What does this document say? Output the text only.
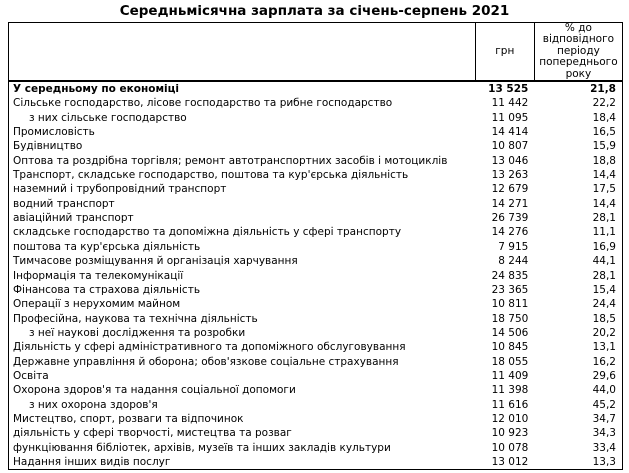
Середньмісячна зарплата за січень-серпень 2021
	грн	% до відповідного періоду попереднього року
У середньому по економіці	13 525	21,8
Сільське господарство, лісове господарство та рибне господарство	11 442	22,2
з них сільське господарство	11 095	18,4
Промисловість	14 414	16,5
Будівництво	10 807	15,9
Оптова та роздрібна торгівля; ремонт автотранспортних засобів і мотоциклів	13 046	18,8
Транспорт, складське господарство, поштова та кур'єрська діяльність	13 263	14,4
наземний і трубопровідний транспорт	12 679	17,5
водний транспорт	14 271	14,4
авіаційний транспорт	26 739	28,1
складське господарство та допоміжна діяльність у сфері транспорту	14 276	11,1
поштова та кур'єрська діяльність	7 915	16,9
Тимчасове розміщування й організація харчування	8 244	44,1
Інформація та телекомунікації	24 835	28,1
Фінансова та страхова діяльність	23 365	15,4
Операції з нерухомим майном	10 811	24,4
Професійна, наукова та технічна діяльність	18 750	18,5
з неї наукові дослідження та розробки	14 506	20,2
Діяльність у сфері адміністративного та допоміжного обслуговування	10 845	13,1
Державне управління й оборона; обов'язкове соціальне страхування	18 055	16,2
Освіта	11 409	29,6
Охорона здоров'я та надання соціальної допомоги	11 398	44,0
з них охорона здоров'я	11 616	45,2
Мистецтво, спорт, розваги та відпочинок	12 010	34,7
діяльність у сфері творчості, мистецтва та розваг	10 923	34,3
функціювання бібліотек, архівів, музеїв та інших закладів культури	10 078	33,4
Надання інших видів послуг	13 012	13,3
